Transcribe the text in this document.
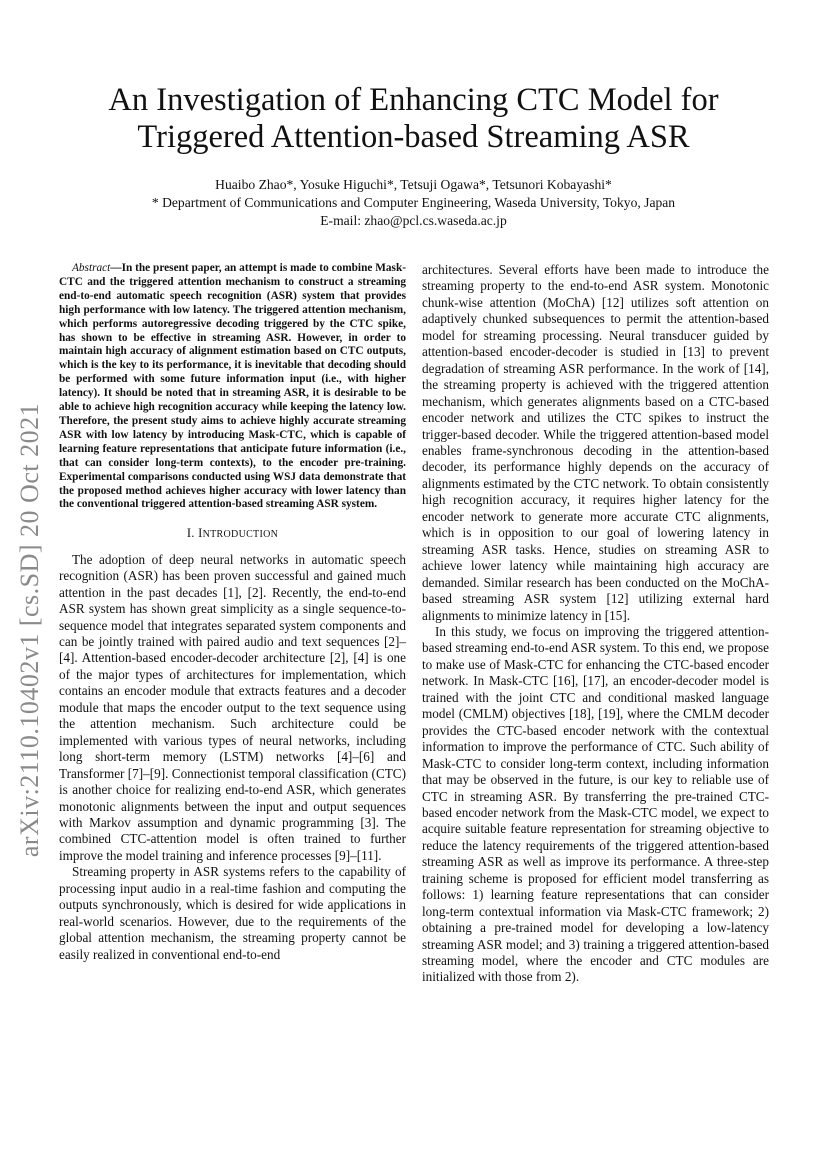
arXiv:2110.10402v1 [cs.SD] 20 Oct 2021
An Investigation of Enhancing CTC Model for
Triggered Attention-based Streaming ASR
Huaibo Zhao*, Yosuke Higuchi*, Tetsuji Ogawa*, Tetsunori Kobayashi*
* Department of Communications and Computer Engineering, Waseda University, Tokyo, Japan
E-mail: zhao@pcl.cs.waseda.ac.jp

Abstract—In the present paper, an attempt is made to combine Mask-CTC and the triggered attention mechanism to construct a streaming end-to-end automatic speech recognition (ASR) system that provides high performance with low latency. The triggered attention mechanism, which performs autoregressive decoding triggered by the CTC spike, has shown to be effective in streaming ASR. However, in order to maintain high accuracy of alignment estimation based on CTC outputs, which is the key to its performance, it is inevitable that decoding should be performed with some future information input (i.e., with higher latency). It should be noted that in streaming ASR, it is desirable to be able to achieve high recognition accuracy while keeping the latency low. Therefore, the present study aims to achieve highly accurate streaming ASR with low latency by introducing Mask-CTC, which is capable of learning feature representations that anticipate future information (i.e., that can consider long-term contexts), to the encoder pre-training. Experimental comparisons conducted using WSJ data demonstrate that the proposed method achieves higher accuracy with lower latency than the conventional triggered attention-based streaming ASR system.

I. INTRODUCTION

The adoption of deep neural networks in automatic speech recognition (ASR) has been proven successful and gained much attention in the past decades [1], [2]. Recently, the end-to-end ASR system has shown great simplicity as a single sequence-to-sequence model that integrates separated system components and can be jointly trained with paired audio and text sequences [2]–[4]. Attention-based encoder-decoder architecture [2], [4] is one of the major types of architectures for implementation, which contains an encoder module that extracts features and a decoder module that maps the encoder output to the text sequence using the attention mechanism. Such architecture could be implemented with various types of neural networks, including long short-term memory (LSTM) networks [4]–[6] and Transformer [7]–[9]. Connectionist temporal classification (CTC) is another choice for realizing end-to-end ASR, which generates monotonic alignments between the input and output sequences with Markov assumption and dynamic programming [3]. The combined CTC-attention model is often trained to further improve the model training and inference processes [9]–[11].

Streaming property in ASR systems refers to the capability of processing input audio in a real-time fashion and computing the outputs synchronously, which is desired for wide applications in real-world scenarios. However, due to the requirements of the global attention mechanism, the streaming property cannot be easily realized in conventional end-to-end

architectures. Several efforts have been made to introduce the streaming property to the end-to-end ASR system. Monotonic chunk-wise attention (MoChA) [12] utilizes soft attention on adaptively chunked subsequences to permit the attention-based model for streaming processing. Neural transducer guided by attention-based encoder-decoder is studied in [13] to prevent degradation of streaming ASR performance. In the work of [14], the streaming property is achieved with the triggered attention mechanism, which generates alignments based on a CTC-based encoder network and utilizes the CTC spikes to instruct the trigger-based decoder. While the triggered attention-based model enables frame-synchronous decoding in the attention-based decoder, its performance highly depends on the accuracy of alignments estimated by the CTC network. To obtain consistently high recognition accuracy, it requires higher latency for the encoder network to generate more accurate CTC alignments, which is in opposition to our goal of lowering latency in streaming ASR tasks. Hence, studies on streaming ASR to achieve lower latency while maintaining high accuracy are demanded. Similar research has been conducted on the MoChA-based streaming ASR system [12] utilizing external hard alignments to minimize latency in [15].

In this study, we focus on improving the triggered attention-based streaming end-to-end ASR system. To this end, we propose to make use of Mask-CTC for enhancing the CTC-based encoder network. In Mask-CTC [16], [17], an encoder-decoder model is trained with the joint CTC and conditional masked language model (CMLM) objectives [18], [19], where the CMLM decoder provides the CTC-based encoder network with the contextual information to improve the performance of CTC. Such ability of Mask-CTC to consider long-term context, including information that may be observed in the future, is our key to reliable use of CTC in streaming ASR. By transferring the pre-trained CTC-based encoder network from the Mask-CTC model, we expect to acquire suitable feature representation for streaming objective to reduce the latency requirements of the triggered attention-based streaming ASR as well as improve its performance. A three-step training scheme is proposed for efficient model transferring as follows: 1) learning feature representations that can consider long-term contextual information via Mask-CTC framework; 2) obtaining a pre-trained model for developing a low-latency streaming ASR model; and 3) training a triggered attention-based streaming model, where the encoder and CTC modules are initialized with those from 2).
